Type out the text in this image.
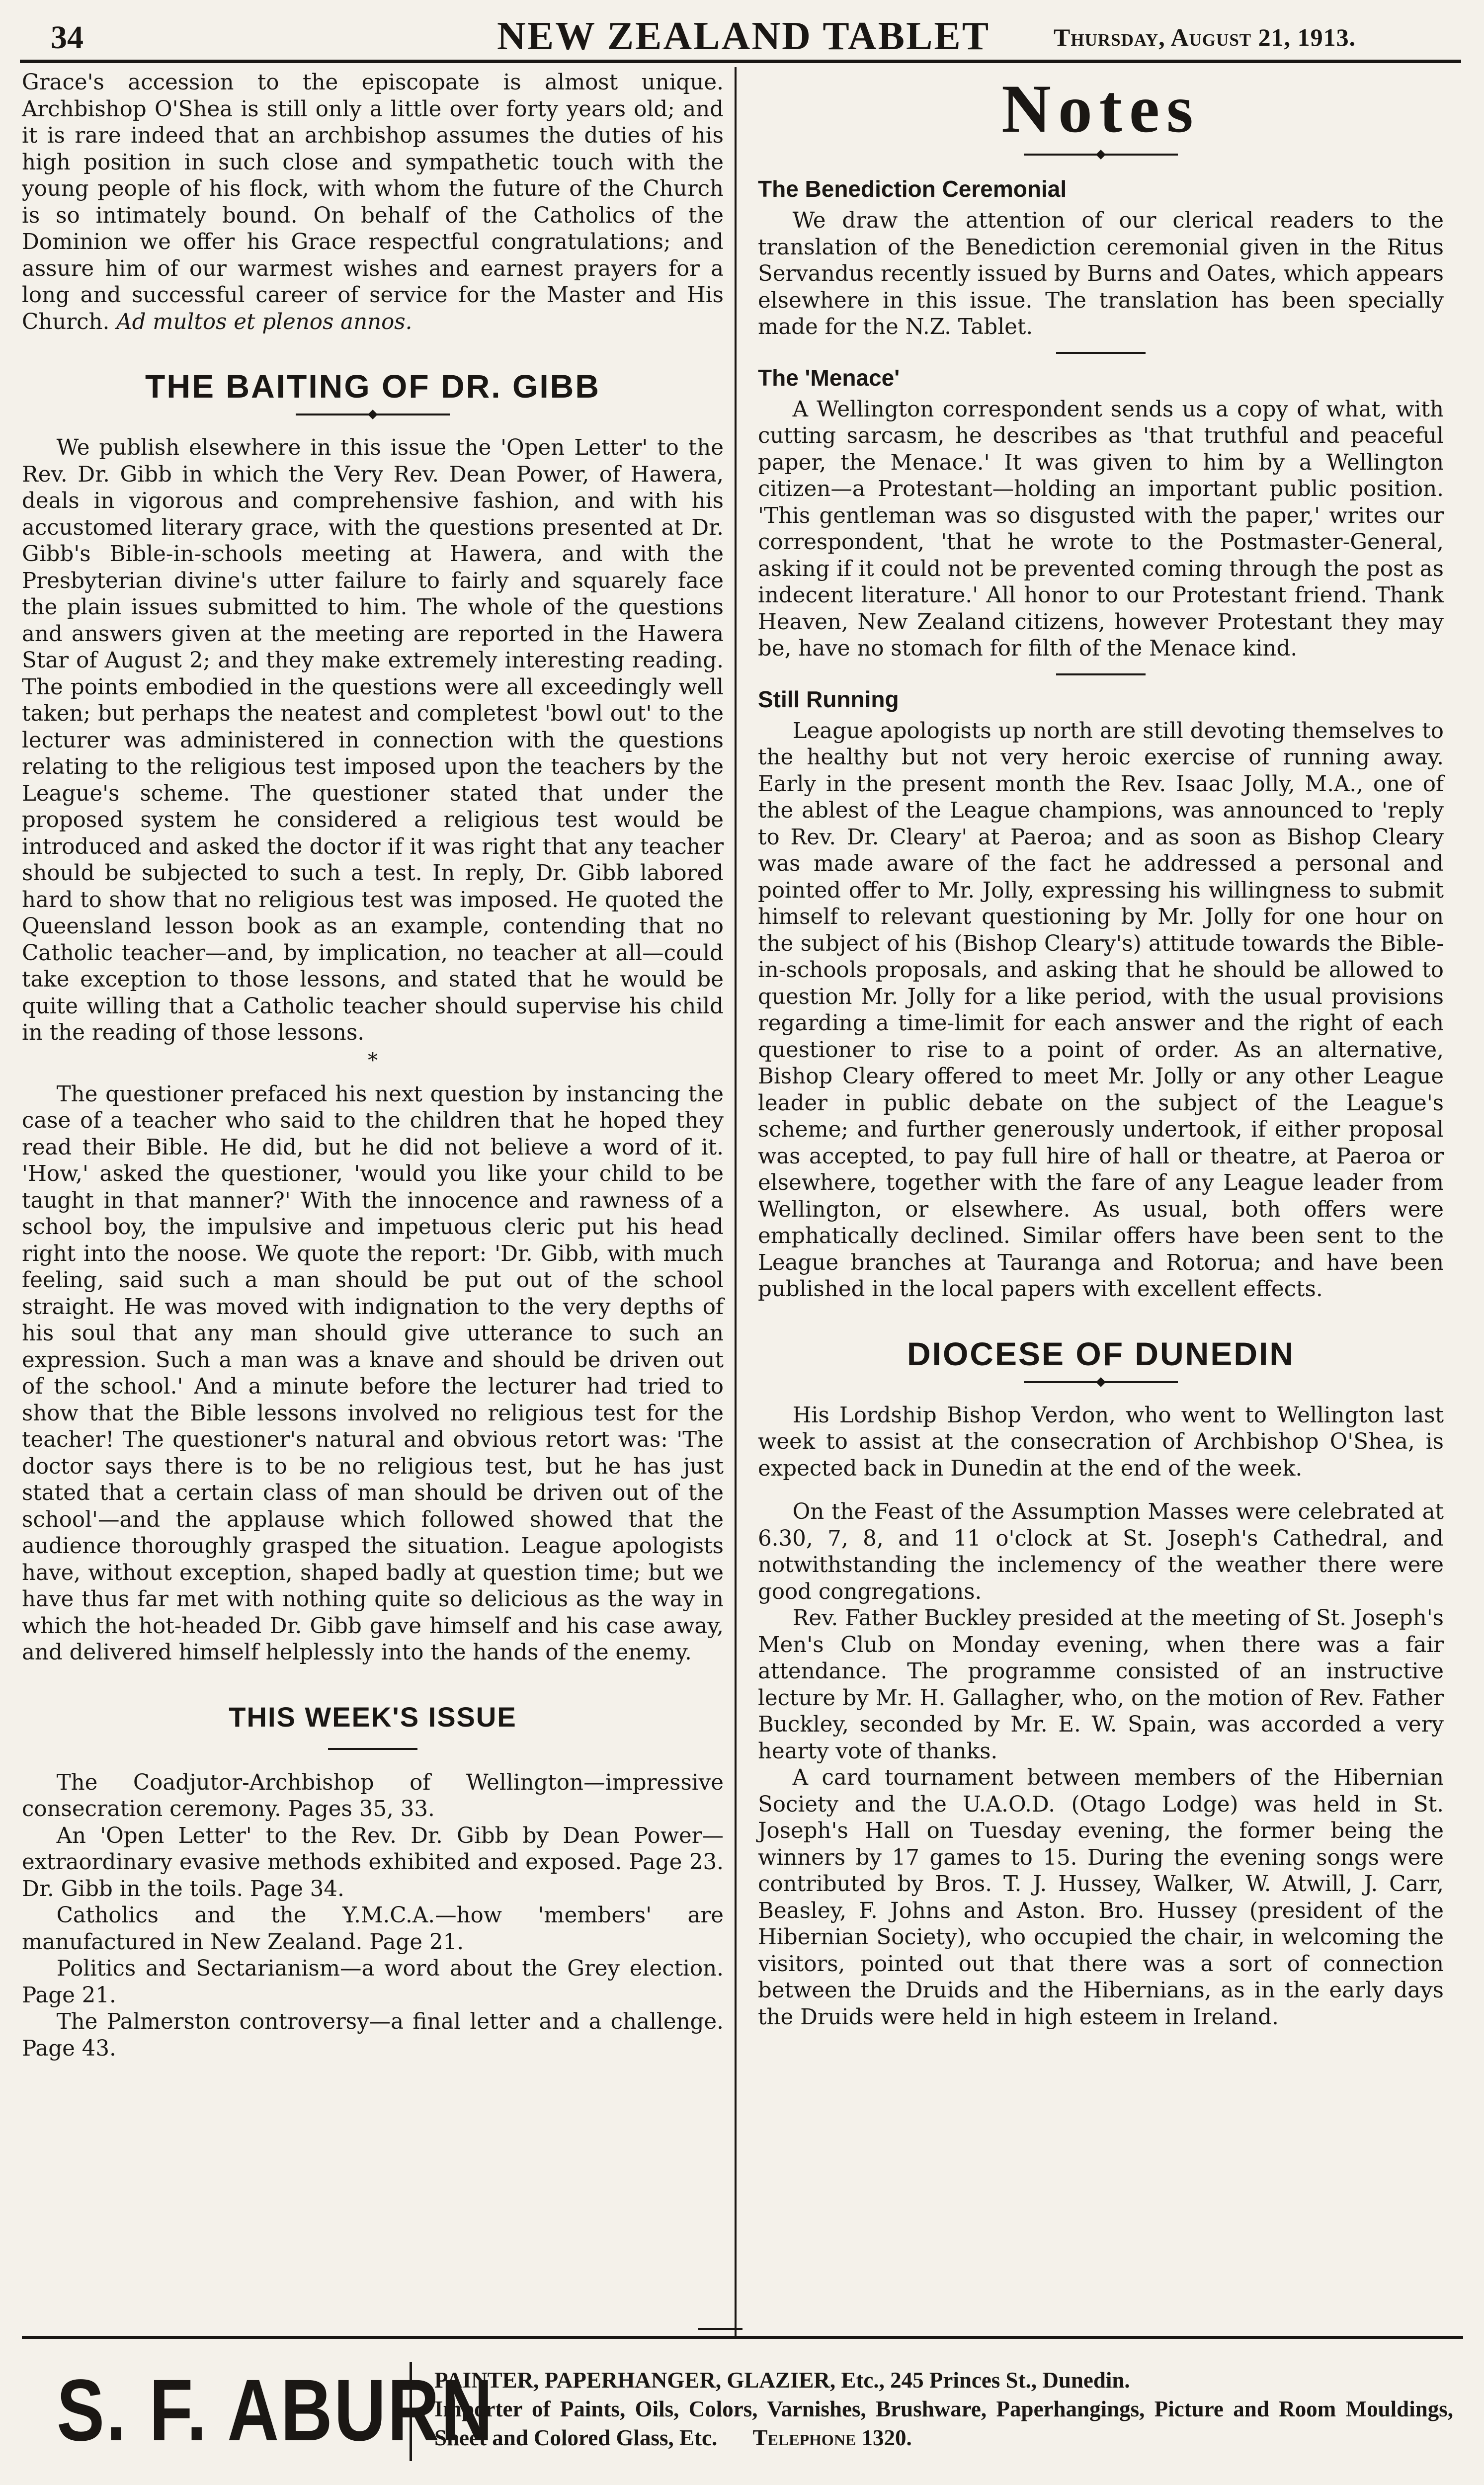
34	NEW ZEALAND TABLET	Thursday, August 21, 1913.

Grace's accession to the episcopate is almost unique. Archbishop O'Shea is still only a little over forty years old; and it is rare indeed that an archbishop assumes the duties of his high position in such close and sympathetic touch with the young people of his flock, with whom the future of the Church is so intimately bound. On behalf of the Catholics of the Dominion we offer his Grace respectful congratulations; and assure him of our warmest wishes and earnest prayers for a long and successful career of service for the Master and His Church. Ad multos et plenos annos.

THE BAITING OF DR. GIBB

We publish elsewhere in this issue the 'Open Letter' to the Rev. Dr. Gibb in which the Very Rev. Dean Power, of Hawera, deals in vigorous and comprehensive fashion, and with his accustomed literary grace, with the questions presented at Dr. Gibb's Bible-in-schools meeting at Hawera, and with the Presbyterian divine's utter failure to fairly and squarely face the plain issues submitted to him. The whole of the questions and answers given at the meeting are reported in the Hawera Star of August 2; and they make extremely interesting reading. The points embodied in the questions were all exceedingly well taken; but perhaps the neatest and completest 'bowl out' to the lecturer was administered in connection with the questions relating to the religious test imposed upon the teachers by the League's scheme. The questioner stated that under the proposed system he considered a religious test would be introduced and asked the doctor if it was right that any teacher should be subjected to such a test. In reply, Dr. Gibb labored hard to show that no religious test was imposed. He quoted the Queensland lesson book as an example, contending that no Catholic teacher—and, by implication, no teacher at all—could take exception to those lessons, and stated that he would be quite willing that a Catholic teacher should supervise his child in the reading of those lessons.

*

The questioner prefaced his next question by instancing the case of a teacher who said to the children that he hoped they read their Bible. He did, but he did not believe a word of it. 'How,' asked the questioner, 'would you like your child to be taught in that manner?' With the innocence and rawness of a school boy, the impulsive and impetuous cleric put his head right into the noose. We quote the report: 'Dr. Gibb, with much feeling, said such a man should be put out of the school straight. He was moved with indignation to the very depths of his soul that any man should give utterance to such an expression. Such a man was a knave and should be driven out of the school.' And a minute before the lecturer had tried to show that the Bible lessons involved no religious test for the teacher! The questioner's natural and obvious retort was: 'The doctor says there is to be no religious test, but he has just stated that a certain class of man should be driven out of the school'—and the applause which followed showed that the audience thoroughly grasped the situation. League apologists have, without exception, shaped badly at question time; but we have thus far met with nothing quite so delicious as the way in which the hot-headed Dr. Gibb gave himself and his case away, and delivered himself helplessly into the hands of the enemy.

THIS WEEK'S ISSUE

The Coadjutor-Archbishop of Wellington—impressive consecration ceremony. Pages 35, 33.

An 'Open Letter' to the Rev. Dr. Gibb by Dean Power—extraordinary evasive methods exhibited and exposed. Page 23. Dr. Gibb in the toils. Page 34.

Catholics and the Y.M.C.A.—how 'members' are manufactured in New Zealand. Page 21.

Politics and Sectarianism—a word about the Grey election. Page 21.

The Palmerston controversy—a final letter and a challenge. Page 43.

Notes
The Benediction Ceremonial

We draw the attention of our clerical readers to the translation of the Benediction ceremonial given in the Ritus Servandus recently issued by Burns and Oates, which appears elsewhere in this issue. The translation has been specially made for the N.Z. Tablet.

The 'Menace'

A Wellington correspondent sends us a copy of what, with cutting sarcasm, he describes as 'that truthful and peaceful paper, the Menace.' It was given to him by a Wellington citizen—a Protestant—holding an important public position. 'This gentleman was so disgusted with the paper,' writes our correspondent, 'that he wrote to the Postmaster-General, asking if it could not be prevented coming through the post as indecent literature.' All honor to our Protestant friend. Thank Heaven, New Zealand citizens, however Protestant they may be, have no stomach for filth of the Menace kind.

Still Running

League apologists up north are still devoting themselves to the healthy but not very heroic exercise of running away. Early in the present month the Rev. Isaac Jolly, M.A., one of the ablest of the League champions, was announced to 'reply to Rev. Dr. Cleary' at Paeroa; and as soon as Bishop Cleary was made aware of the fact he addressed a personal and pointed offer to Mr. Jolly, expressing his willingness to submit himself to relevant questioning by Mr. Jolly for one hour on the subject of his (Bishop Cleary's) attitude towards the Bible-in-schools proposals, and asking that he should be allowed to question Mr. Jolly for a like period, with the usual provisions regarding a time-limit for each answer and the right of each questioner to rise to a point of order. As an alternative, Bishop Cleary offered to meet Mr. Jolly or any other League leader in public debate on the subject of the League's scheme; and further generously undertook, if either proposal was accepted, to pay full hire of hall or theatre, at Paeroa or elsewhere, together with the fare of any League leader from Wellington, or elsewhere. As usual, both offers were emphatically declined. Similar offers have been sent to the League branches at Tauranga and Rotorua; and have been published in the local papers with excellent effects.

DIOCESE OF DUNEDIN

His Lordship Bishop Verdon, who went to Wellington last week to assist at the consecration of Archbishop O'Shea, is expected back in Dunedin at the end of the week.

On the Feast of the Assumption Masses were celebrated at 6.30, 7, 8, and 11 o'clock at St. Joseph's Cathedral, and notwithstanding the inclemency of the weather there were good congregations.

Rev. Father Buckley presided at the meeting of St. Joseph's Men's Club on Monday evening, when there was a fair attendance. The programme consisted of an instructive lecture by Mr. H. Gallagher, who, on the motion of Rev. Father Buckley, seconded by Mr. E. W. Spain, was accorded a very hearty vote of thanks.

A card tournament between members of the Hibernian Society and the U.A.O.D. (Otago Lodge) was held in St. Joseph's Hall on Tuesday evening, the former being the winners by 17 games to 15. During the evening songs were contributed by Bros. T. J. Hussey, Walker, W. Atwill, J. Carr, Beasley, F. Johns and Aston. Bro. Hussey (president of the Hibernian Society), who occupied the chair, in welcoming the visitors, pointed out that there was a sort of connection between the Druids and the Hibernians, as in the early days the Druids were held in high esteem in Ireland.

S. F. ABURN
PAINTER, PAPERHANGER, GLAZIER, Etc., 245 Princes St., Dunedin.
Importer of Paints, Oils, Colors, Varnishes, Brushware, Paperhangings, Picture and Room Mouldings, Sheet and Colored Glass, Etc. Telephone 1320.
